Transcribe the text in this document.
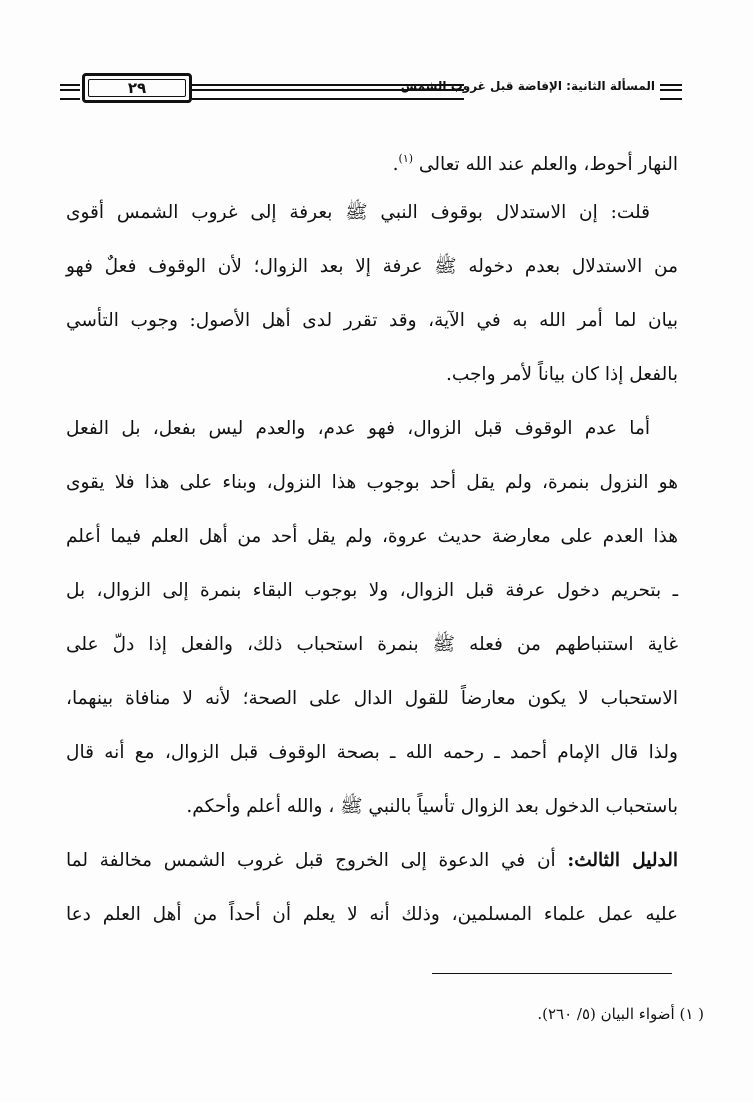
٢٩	المسألة الثانية: الإفاضة قبل غروب الشمس
النهار أحوط، والعلم عند الله تعالى $^{(١)}$.
قلت: إن الاستدلال بوقوف النبي ﷺ بعرفة إلى غروب الشمس أقوى
من الاستدلال بعدم دخوله ﷺ عرفة إلا بعد الزوال؛ لأن الوقوف فعلٌ فهو
بيان لما أمر الله به في الآية، وقد تقرر لدى أهل الأصول: وجوب التأسي
بالفعل إذا كان بياناً لأمر واجب.
أما عدم الوقوف قبل الزوال، فهو عدم، والعدم ليس بفعل، بل الفعل
هو النزول بنمرة، ولم يقل أحد بوجوب هذا النزول، وبناء على هذا فلا يقوى
هذا العدم على معارضة حديث عروة، ولم يقل أحد من أهل العلم فيما أعلم
ـ بتحريم دخول عرفة قبل الزوال، ولا بوجوب البقاء بنمرة إلى الزوال، بل
غاية استنباطهم من فعله ﷺ بنمرة استحباب ذلك، والفعل إذا دلّ على
الاستحباب لا يكون معارضاً للقول الدال على الصحة؛ لأنه لا منافاة بينهما،
ولذا قال الإمام أحمد ـ رحمه الله ـ بصحة الوقوف قبل الزوال، مع أنه قال
باستحباب الدخول بعد الزوال تأسياً بالنبي ﷺ ، والله أعلم وأحكم.
الدليل الثالث: أن في الدعوة إلى الخروج قبل غروب الشمس مخالفة لما
عليه عمل علماء المسلمين، وذلك أنه لا يعلم أن أحداً من أهل العلم دعا
( ١) أضواء البيان (٥/ ٢٦٠).
